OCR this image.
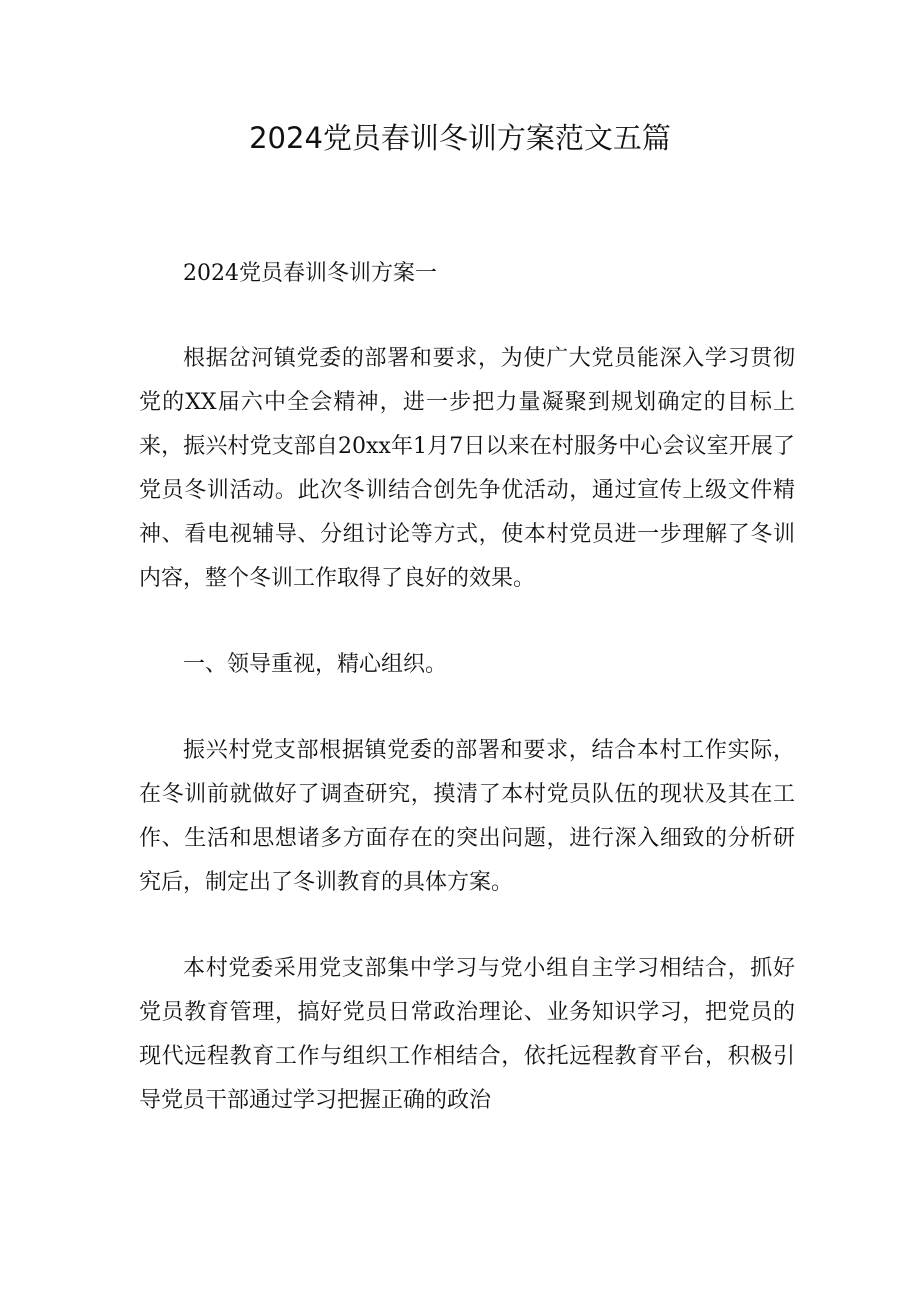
2024党员春训冬训方案范文五篇

2024党员春训冬训方案一

根据岔河镇党委的部署和要求，为使广大党员能深入学习贯彻党的XX届六中全会精神，进一步把力量凝聚到规划确定的目标上来，振兴村党支部自20xx年1月7日以来在村服务中心会议室开展了党员冬训活动。此次冬训结合创先争优活动，通过宣传上级文件精神、看电视辅导、分组讨论等方式，使本村党员进一步理解了冬训内容，整个冬训工作取得了良好的效果。

一、领导重视，精心组织。

振兴村党支部根据镇党委的部署和要求，结合本村工作实际，在冬训前就做好了调查研究，摸清了本村党员队伍的现状及其在工作、生活和思想诸多方面存在的突出问题，进行深入细致的分析研究后，制定出了冬训教育的具体方案。

本村党委采用党支部集中学习与党小组自主学习相结合，抓好党员教育管理，搞好党员日常政治理论、业务知识学习，把党员的现代远程教育工作与组织工作相结合，依托远程教育平台，积极引导党员干部通过学习把握正确的政治
